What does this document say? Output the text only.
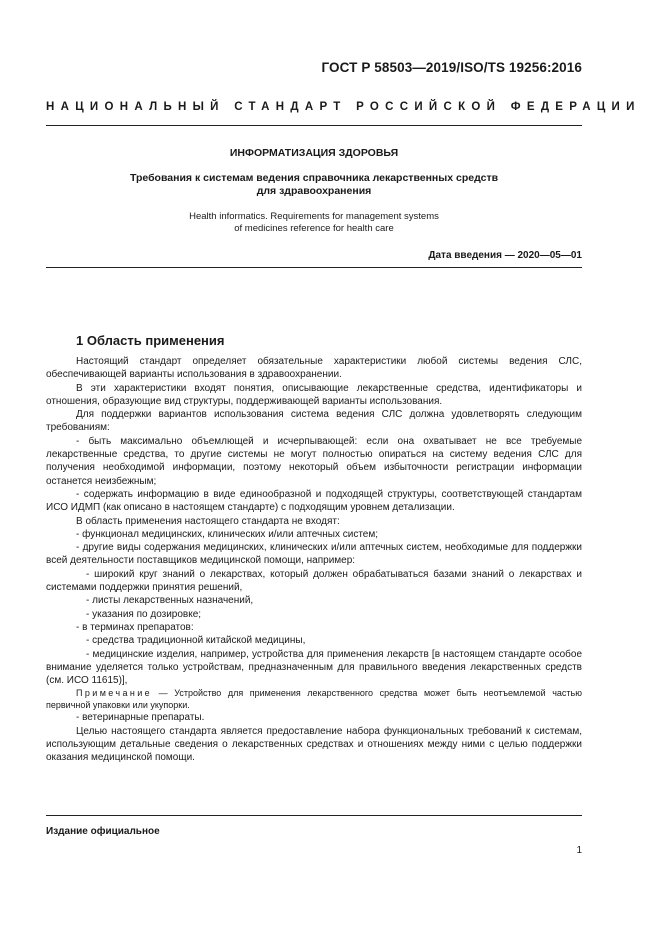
ГОСТ Р 58503—2019/ISO/TS 19256:2016
НАЦИОНАЛЬНЫЙ СТАНДАРТ РОССИЙСКОЙ ФЕДЕРАЦИИ
ИНФОРМАТИЗАЦИЯ ЗДОРОВЬЯ
Требования к системам ведения справочника лекарственных средств
для здравоохранения
Health informatics. Requirements for management systems
of medicines reference for health care
Дата введения — 2020—05—01
1 Область применения

Настоящий стандарт определяет обязательные характеристики любой системы ведения СЛС, обеспечивающей варианты использования в здравоохранении.

В эти характеристики входят понятия, описывающие лекарственные средства, идентификаторы и отношения, образующие вид структуры, поддерживающей варианты использования.

Для поддержки вариантов использования система ведения СЛС должна удовлетворять следующим требованиям:

- быть максимально объемлющей и исчерпывающей: если она охватывает не все требуемые лекарственные средства, то другие системы не могут полностью опираться на систему ведения СЛС для получения необходимой информации, поэтому некоторый объем избыточности регистрации информации останется неизбежным;

- содержать информацию в виде единообразной и подходящей структуры, соответствующей стандартам ИСО ИДМП (как описано в настоящем стандарте) с подходящим уровнем детализации.

В область применения настоящего стандарта не входят:

- функционал медицинских, клинических и/или аптечных систем;

- другие виды содержания медицинских, клинических и/или аптечных систем, необходимые для поддержки всей деятельности поставщиков медицинской помощи, например:

- широкий круг знаний о лекарствах, который должен обрабатываться базами знаний о лекарствах и системами поддержки принятия решений,

- листы лекарственных назначений,

- указания по дозировке;

- в терминах препаратов:

- средства традиционной китайской медицины,

- медицинские изделия, например, устройства для применения лекарств [в настоящем стандарте особое внимание уделяется только устройствам, предназначенным для правильного введения лекарственных средств (см. ИСО 11615)],

Примечание — Устройство для применения лекарственного средства может быть неотъемлемой частью первичной упаковки или укупорки.

- ветеринарные препараты.

Целью настоящего стандарта является предоставление набора функциональных требований к системам, использующим детальные сведения о лекарственных средствах и отношениях между ними с целью поддержки оказания медицинской помощи.

Издание официальное
1
